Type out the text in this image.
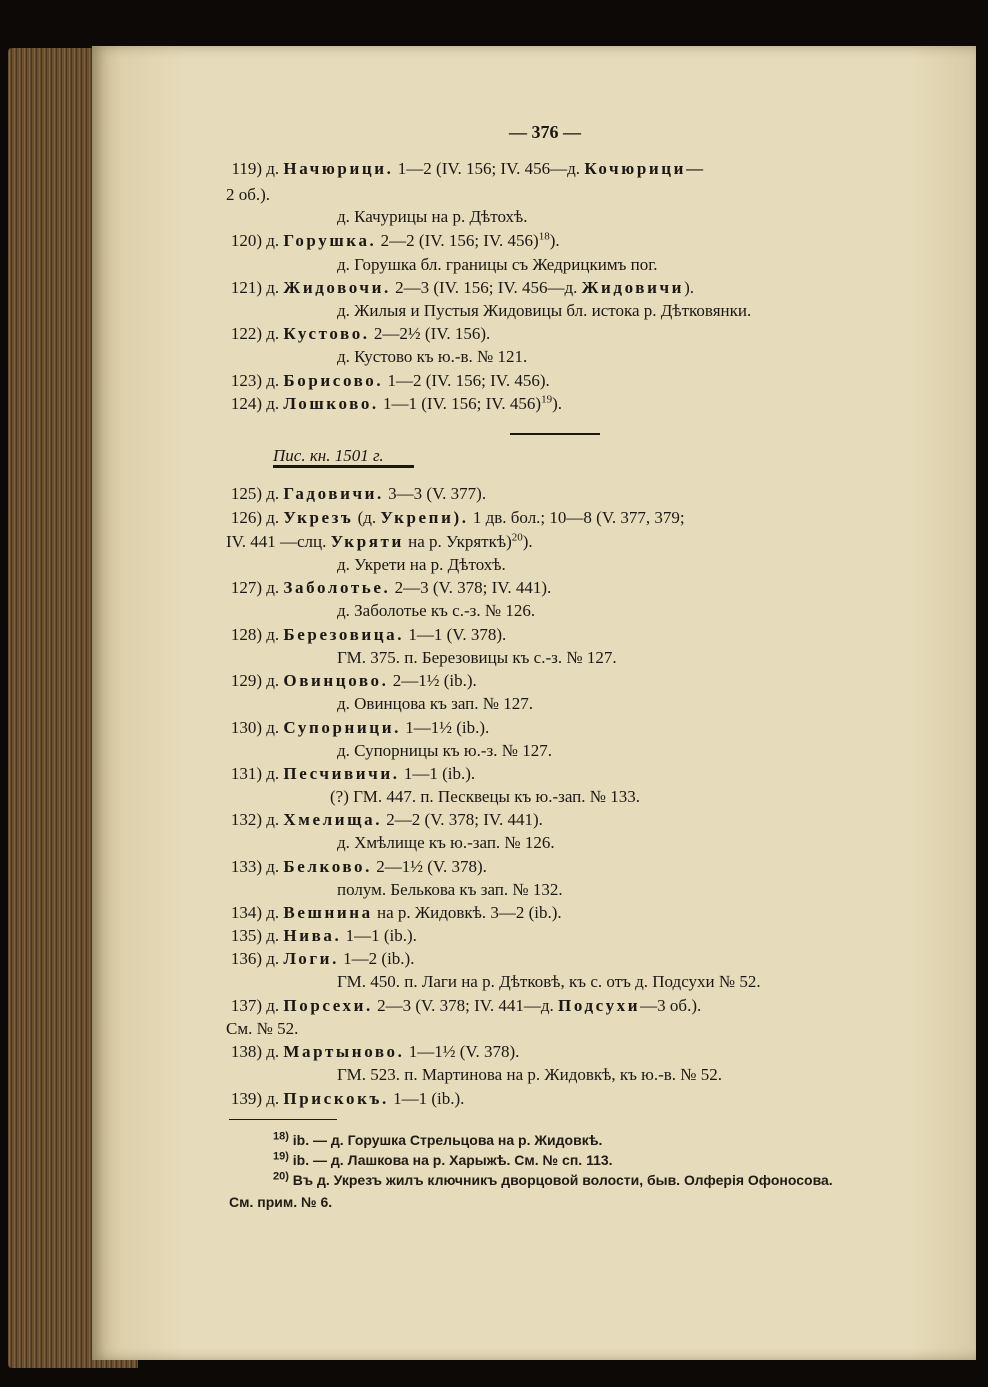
— 376 —
119) д. Начюрици. 1—2 (IV. 156; IV. 456—д. Кочюрици—
2 об.).
д. Качурицы на р. Дѣтохѣ.
120) д. Горушка. 2—2 (IV. 156; IV. 456)$^{18}$).
д. Горушка бл. границы съ Жедрицкимъ пог.
121) д. Жидовочи. 2—3 (IV. 156; IV. 456—д. Жидовичи).
д. Жилыя и Пустыя Жидовицы бл. истока р. Дѣтковянки.
122) д. Кустово. 2—2½ (IV. 156).
д. Кустово къ ю.-в. № 121.
123) д. Борисово. 1—2 (IV. 156; IV. 456).
124) д. Лошково. 1—1 (IV. 156; IV. 456)$^{19}$).
Пис. кн. 1501 г.
125) д. Гадовичи. 3—3 (V. 377).
126) д. Укрезъ (д. Укрепи). 1 дв. бол.; 10—8 (V. 377, 379;
IV. 441 —слц. Укряти на р. Укряткѣ)$^{20}$).
д. Укрети на р. Дѣтохѣ.
127) д. Заболотье. 2—3 (V. 378; IV. 441).
д. Заболотье къ с.-з. № 126.
128) д. Березовица. 1—1 (V. 378).
ГМ. 375. п. Березовицы къ с.-з. № 127.
129) д. Овинцово. 2—1½ (ib.).
д. Овинцова къ зап. № 127.
130) д. Супорници. 1—1½ (ib.).
д. Супорницы къ ю.-з. № 127.
131) д. Песчивичи. 1—1 (ib.).
(?) ГМ. 447. п. Песквецы къ ю.-зап. № 133.
132) д. Хмелища. 2—2 (V. 378; IV. 441).
д. Хмѣлище къ ю.-зап. № 126.
133) д. Белково. 2—1½ (V. 378).
полум. Белькова къ зап. № 132.
134) д. Вешнина на р. Жидовкѣ. 3—2 (ib.).
135) д. Нива. 1—1 (ib.).
136) д. Логи. 1—2 (ib.).
ГМ. 450. п. Лаги на р. Дѣтковѣ, къ с. отъ д. Подсухи № 52.
137) д. Порсехи. 2—3 (V. 378; IV. 441—д. Подсухи—3 об.).
См. № 52.
138) д. Мартыново. 1—1½ (V. 378).
ГМ. 523. п. Мартинова на р. Жидовкѣ, къ ю.-в. № 52.
139) д. Прискокъ. 1—1 (ib.).
$^{18)}$ ib. — д. Горушка Стрельцова на р. Жидовкѣ.
$^{19)}$ ib. — д. Лашкова на р. Харыжѣ. См. № сп. 113.
$^{20)}$ Въ д. Укрезъ жилъ ключникъ дворцовой волости, быв. Олферія Офоносова.
См. прим. № 6.
